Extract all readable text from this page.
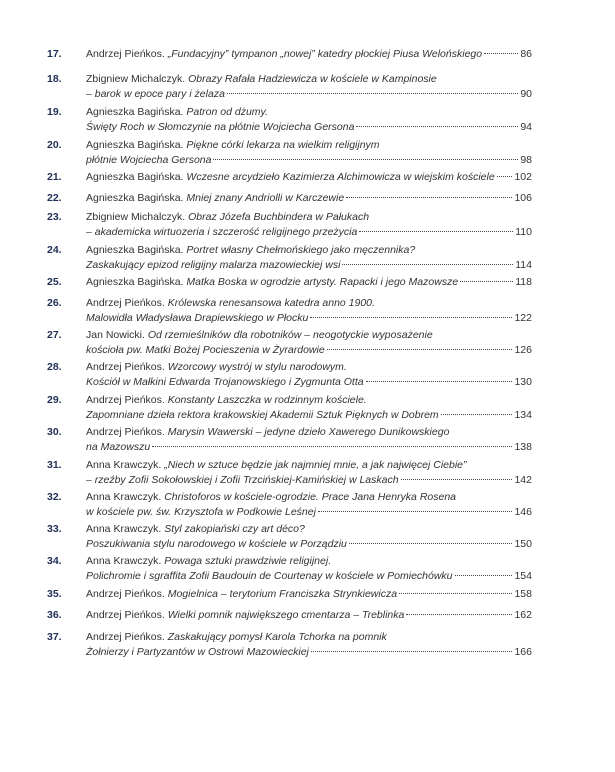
17. Andrzej Pieńkos. „Fundacyjny” tympanon „nowej” katedry płockiej Piusa Welońskiego	86
18. Zbigniew Michalczyk. Obrazy Rafała Hadziewicza w kościele w Kampinosie
– barok w epoce pary i żelaza	90
19. Agnieszka Bagińska. Patron od dżumy.
Święty Roch w Słomczynie na płótnie Wojciecha Gersona	94
20. Agnieszka Bagińska. Piękne córki lekarza na wielkim religijnym
płótnie Wojciecha Gersona	98
21. Agnieszka Bagińska. Wczesne arcydzieło Kazimierza Alchimowicza w wiejskim kościele 102
22. Agnieszka Bagińska. Mniej znany Andriolli w Karczewie	106
23. Zbigniew Michalczyk. Obraz Józefa Buchbindera w Pałukach
– akademicka wirtuozeria i szczerość religijnego przeżycia	110
24. Agnieszka Bagińska. Portret własny Chełmońskiego jako męczennika?
Zaskakujący epizod religijny malarza mazowieckiej wsi	114
25. Agnieszka Bagińska. Matka Boska w ogrodzie artysty. Rapacki i jego Mazowsze	118
26. Andrzej Pieńkos. Królewska renesansowa katedra anno 1900.
Malowidła Władysława Drapiewskiego w Płocku	122
27. Jan Nowicki. Od rzemieślników dla robotników – neogotyckie wyposażenie
kościoła pw. Matki Bożej Pocieszenia w Żyrardowie	126
28. Andrzej Pieńkos. Wzorcowy wystrój w stylu narodowym.
Kościół w Małkini Edwarda Trojanowskiego i Zygmunta Otta	130
29. Andrzej Pieńkos. Konstanty Laszczka w rodzinnym kościele.
Zapomniane dzieła rektora krakowskiej Akademii Sztuk Pięknych w Dobrem	134
30. Andrzej Pieńkos. Marysin Wawerski – jedyne dzieło Xawerego Dunikowskiego
na Mazowszu	138
31. Anna Krawczyk. „Niech w sztuce będzie jak najmniej mnie, a jak najwięcej Ciebie”
– rzeźby Zofii Sokołowskiej i Zofii Trzcińskiej-Kamińskiej w Laskach	142
32. Anna Krawczyk. Christoforos w kościele-ogrodzie. Prace Jana Henryka Rosena
w kościele pw. św. Krzysztofa w Podkowie Leśnej	146
33. Anna Krawczyk. Styl zakopiański czy art déco?
Poszukiwania stylu narodowego w kościele w Porządziu	150
34. Anna Krawczyk. Powaga sztuki prawdziwie religijnej.
Polichromie i sgraffita Zofii Baudouin de Courtenay w kościele w Pomiechówku	154
35. Andrzej Pieńkos. Mogielnica – terytorium Franciszka Strynkiewicza	158
36. Andrzej Pieńkos. Wielki pomnik największego cmentarza – Treblinka	162
37. Andrzej Pieńkos. Zaskakujący pomysł Karola Tchorka na pomnik
Żołnierzy i Partyzantów w Ostrowi Mazowieckiej	166
